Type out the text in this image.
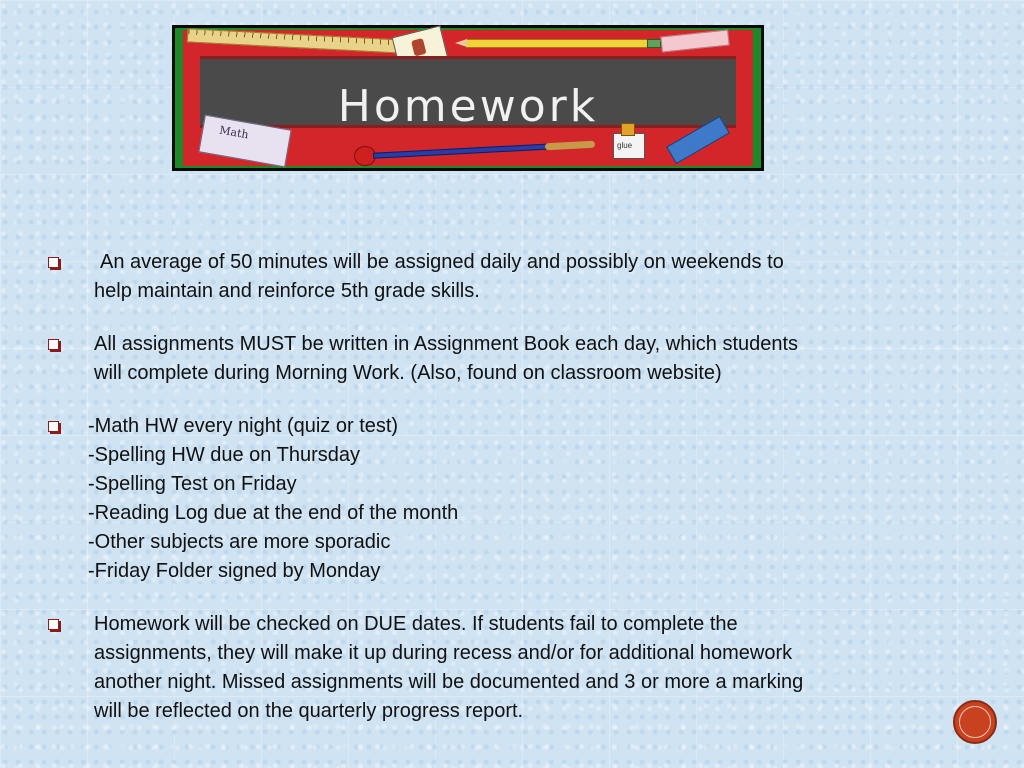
Homework
Math
glue

An average of 50 minutes will be assigned daily and possibly on weekends to

help maintain and reinforce 5th grade skills.

All assignments MUST be written in Assignment Book each day, which students

will complete during Morning Work. (Also, found on classroom website)

-Math HW every night (quiz or test)

-Spelling HW due on Thursday

-Spelling Test on Friday

-Reading Log due at the end of the month

-Other subjects are more sporadic

-Friday Folder signed by Monday

Homework will be checked on DUE dates. If students fail to complete the

assignments, they will make it up during recess and/or for additional homework

another night. Missed assignments will be documented and 3 or more a marking

will be reflected on the quarterly progress report.
